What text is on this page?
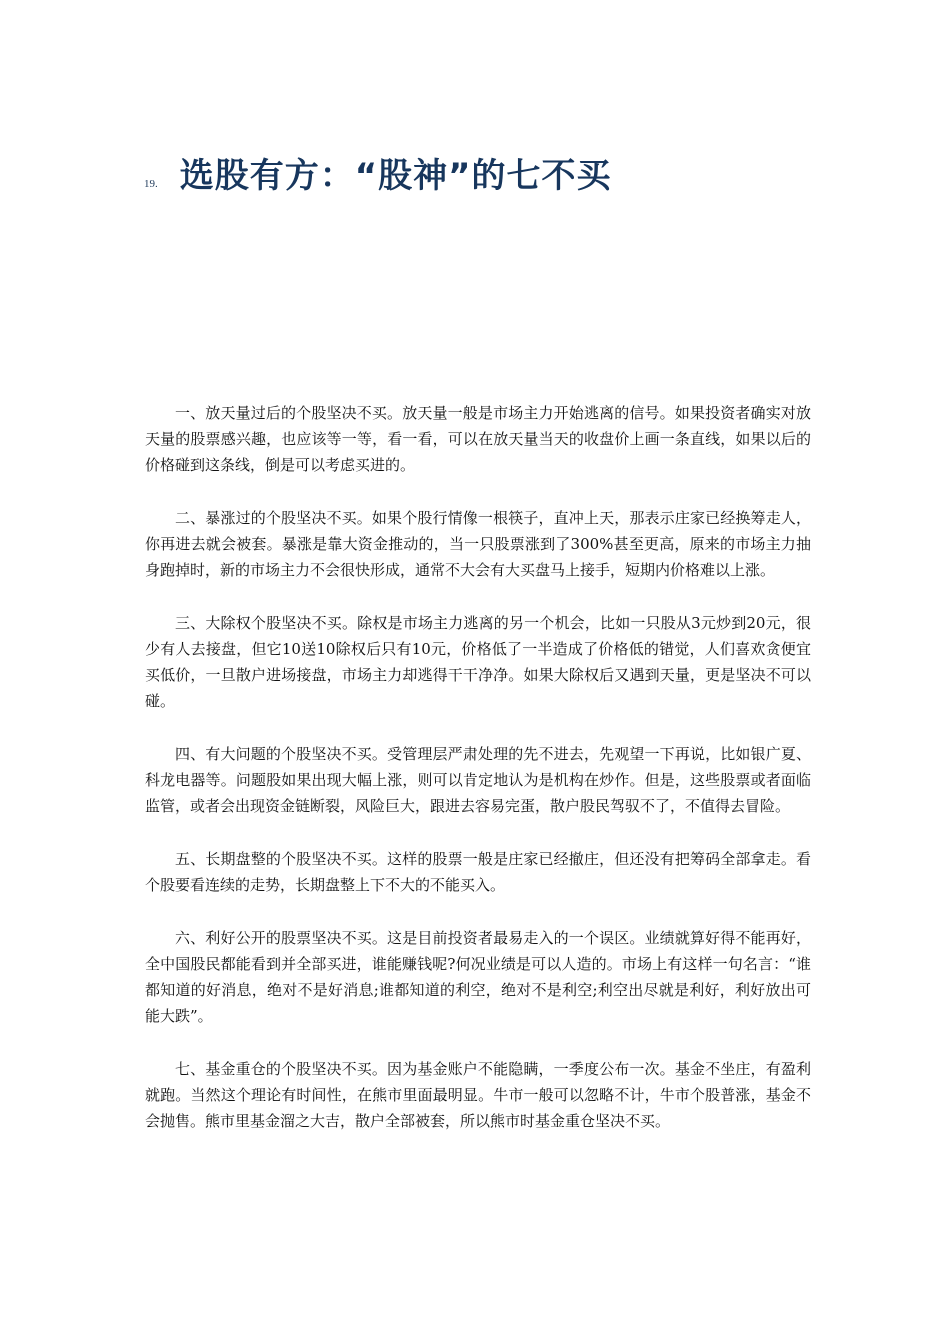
19. 选股有方：“股神”的七不买

一、放天量过后的个股坚决不买。放天量一般是市场主力开始逃离的信号。如果投资者确实对放天量的股票感兴趣，也应该等一等，看一看，可以在放天量当天的收盘价上画一条直线，如果以后的价格碰到这条线，倒是可以考虑买进的。

二、暴涨过的个股坚决不买。如果个股行情像一根筷子，直冲上天，那表示庄家已经换筹走人，你再进去就会被套。暴涨是靠大资金推动的，当一只股票涨到了300%甚至更高，原来的市场主力抽身跑掉时，新的市场主力不会很快形成，通常不大会有大买盘马上接手，短期内价格难以上涨。

三、大除权个股坚决不买。除权是市场主力逃离的另一个机会，比如一只股从3元炒到20元，很少有人去接盘，但它10送10除权后只有10元，价格低了一半造成了价格低的错觉，人们喜欢贪便宜买低价，一旦散户进场接盘，市场主力却逃得干干净净。如果大除权后又遇到天量，更是坚决不可以碰。

四、有大问题的个股坚决不买。受管理层严肃处理的先不进去，先观望一下再说，比如银广夏、科龙电器等。问题股如果出现大幅上涨，则可以肯定地认为是机构在炒作。但是，这些股票或者面临监管，或者会出现资金链断裂，风险巨大，跟进去容易完蛋，散户股民驾驭不了，不值得去冒险。

五、长期盘整的个股坚决不买。这样的股票一般是庄家已经撤庄，但还没有把筹码全部拿走。看个股要看连续的走势，长期盘整上下不大的不能买入。

六、利好公开的股票坚决不买。这是目前投资者最易走入的一个误区。业绩就算好得不能再好，全中国股民都能看到并全部买进，谁能赚钱呢?何况业绩是可以人造的。市场上有这样一句名言：“谁都知道的好消息，绝对不是好消息;谁都知道的利空，绝对不是利空;利空出尽就是利好，利好放出可能大跌”。

七、基金重仓的个股坚决不买。因为基金账户不能隐瞒，一季度公布一次。基金不坐庄，有盈利就跑。当然这个理论有时间性，在熊市里面最明显。牛市一般可以忽略不计，牛市个股普涨，基金不会抛售。熊市里基金溜之大吉，散户全部被套，所以熊市时基金重仓坚决不买。
